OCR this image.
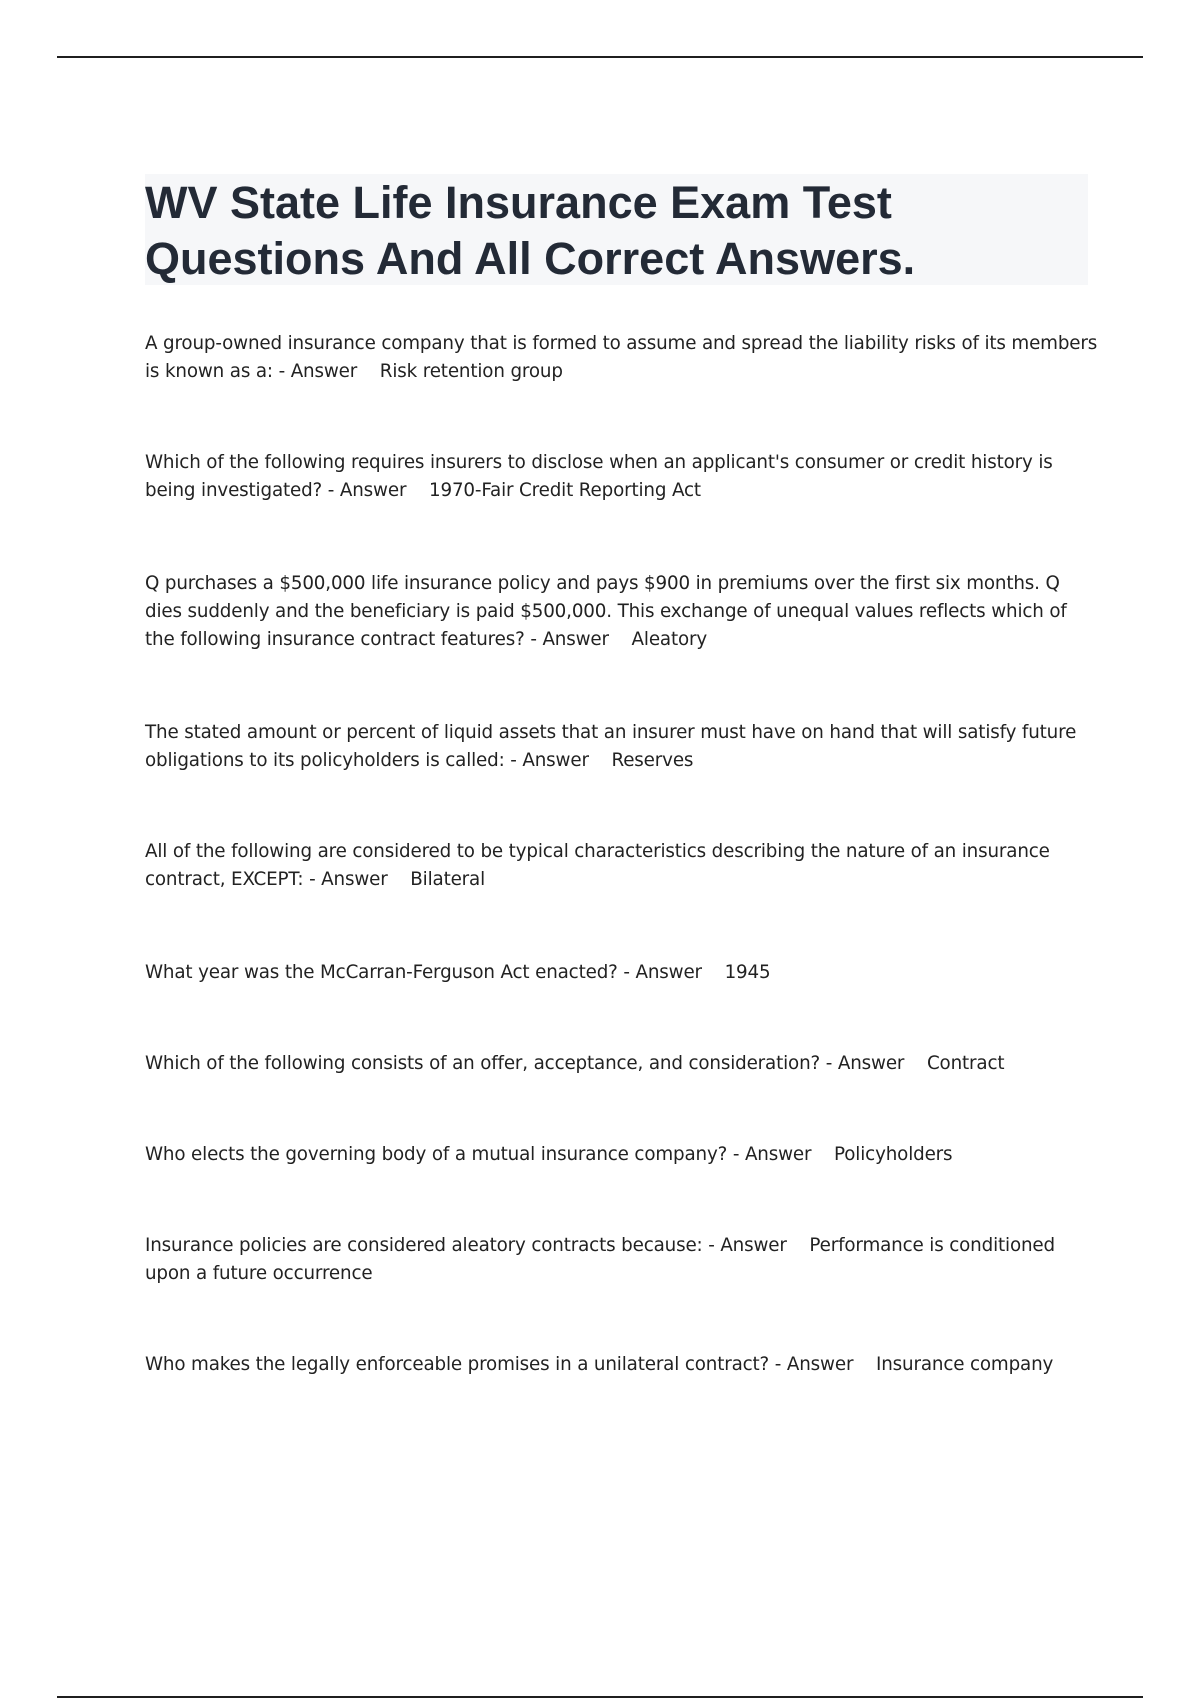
WV State Life Insurance Exam Test Questions And All Correct Answers.

A group-owned insurance company that is formed to assume and spread the liability risks of its members is known as a: - Answer Risk retention group

Which of the following requires insurers to disclose when an applicant's consumer or credit history is being investigated? - Answer 1970-Fair Credit Reporting Act

Q purchases a $500,000 life insurance policy and pays $900 in premiums over the first six months. Q dies suddenly and the beneficiary is paid $500,000. This exchange of unequal values reflects which of the following insurance contract features? - Answer Aleatory

The stated amount or percent of liquid assets that an insurer must have on hand that will satisfy future obligations to its policyholders is called: - Answer Reserves

All of the following are considered to be typical characteristics describing the nature of an insurance contract, EXCEPT: - Answer Bilateral

What year was the McCarran-Ferguson Act enacted? - Answer 1945

Which of the following consists of an offer, acceptance, and consideration? - Answer Contract

Who elects the governing body of a mutual insurance company? - Answer Policyholders

Insurance policies are considered aleatory contracts because: - Answer Performance is conditioned upon a future occurrence

Who makes the legally enforceable promises in a unilateral contract? - Answer Insurance company
